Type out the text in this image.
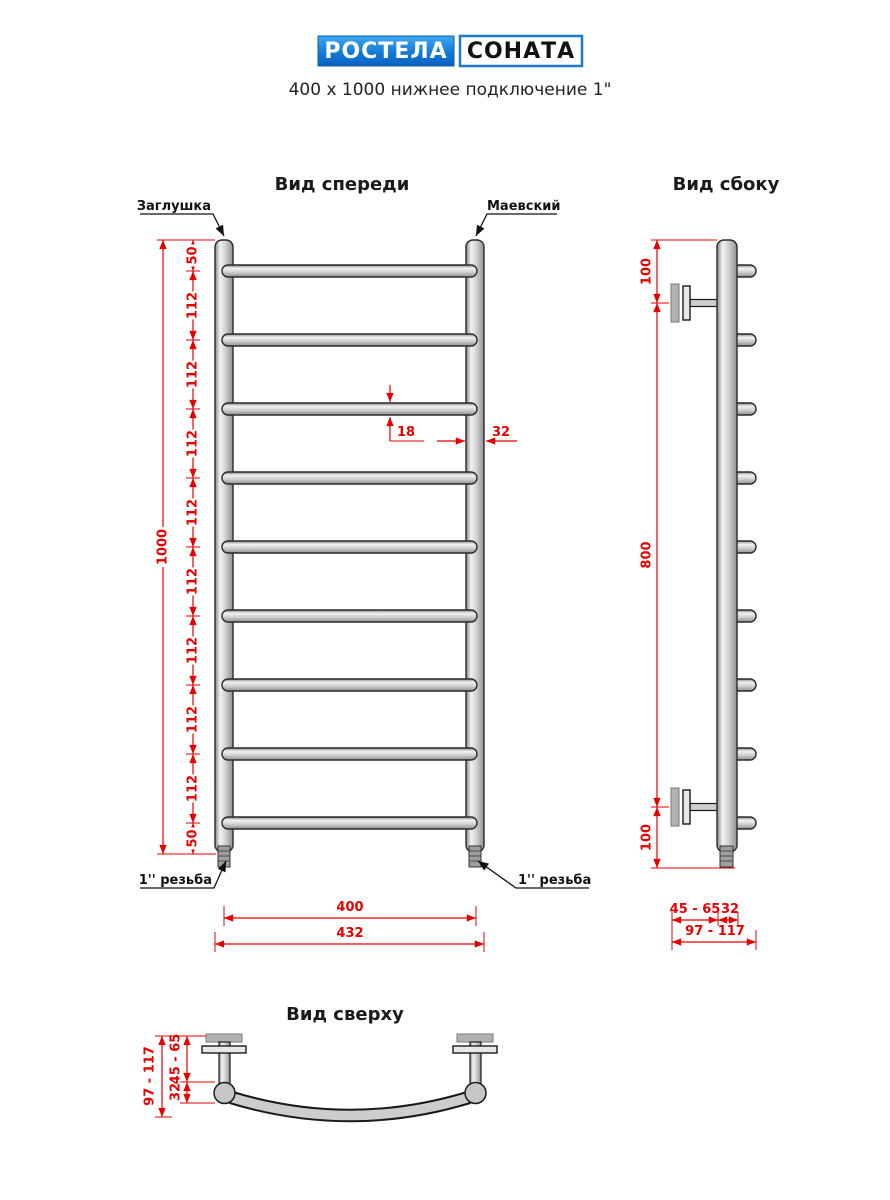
РОСТЕЛА СОНАТА
400 х 1000 нижнее подключение 1"
Вид спереди
Заглушка	Маевский
1'' резьба	1'' резьба
1000
50
112
112
112
112
112
112
112
112
50
18	32
400
432
Вид сбоку
100
800
100
45 - 65 32
97 - 117
Вид сверху
97 - 117 45 - 65
32
